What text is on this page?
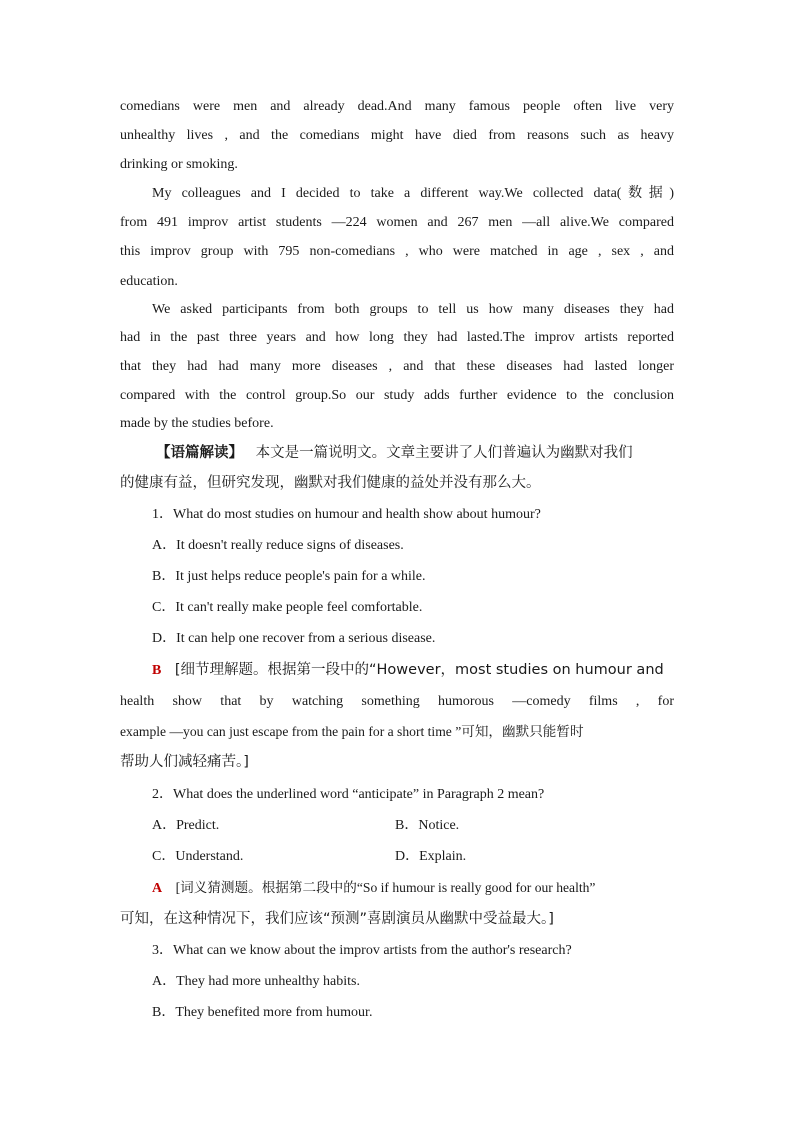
comedians were men and already dead.And many famous people often live very
unhealthy lives , and the comedians might have died from reasons such as heavy
drinking or smoking.
My colleagues and I decided to take a different way.We collected data(数据)
from 491 improv artist students —224 women and 267 men —all alive.We compared
this improv group with 795 non-comedians , who were matched in age , sex , and
education.
We asked participants from both groups to tell us how many diseases they had
had in the past three years and how long they had lasted.The improv artists reported
that they had had many more diseases , and that these diseases had lasted longer
compared with the control group.So our study adds further evidence to the conclusion
made by the studies before.
【语篇解读】 本文是一篇说明文。文章主要讲了人们普遍认为幽默对我们
的健康有益，但研究发现，幽默对我们健康的益处并没有那么大。
1．What do most studies on humour and health show about humour?
A．It doesn't really reduce signs of diseases.
B．It just helps reduce people's pain for a while.
C．It can't really make people feel comfortable.
D．It can help one recover from a serious disease.
B [细节理解题。根据第一段中的“However，most studies on humour and
health show that by watching something humorous —comedy films , for
example —you can just escape from the pain for a short time ”可知，幽默只能暂时
帮助人们减轻痛苦。]
2．What does the underlined word “anticipate” in Paragraph 2 mean?
A．Predict.	B．Notice.
C．Understand.	D．Explain.
A [词义猜测题。根据第二段中的“So if humour is really good for our health”
可知，在这种情况下，我们应该“预测”喜剧演员从幽默中受益最大。]
3．What can we know about the improv artists from the author's research?
A．They had more unhealthy habits.
B．They benefited more from humour.
